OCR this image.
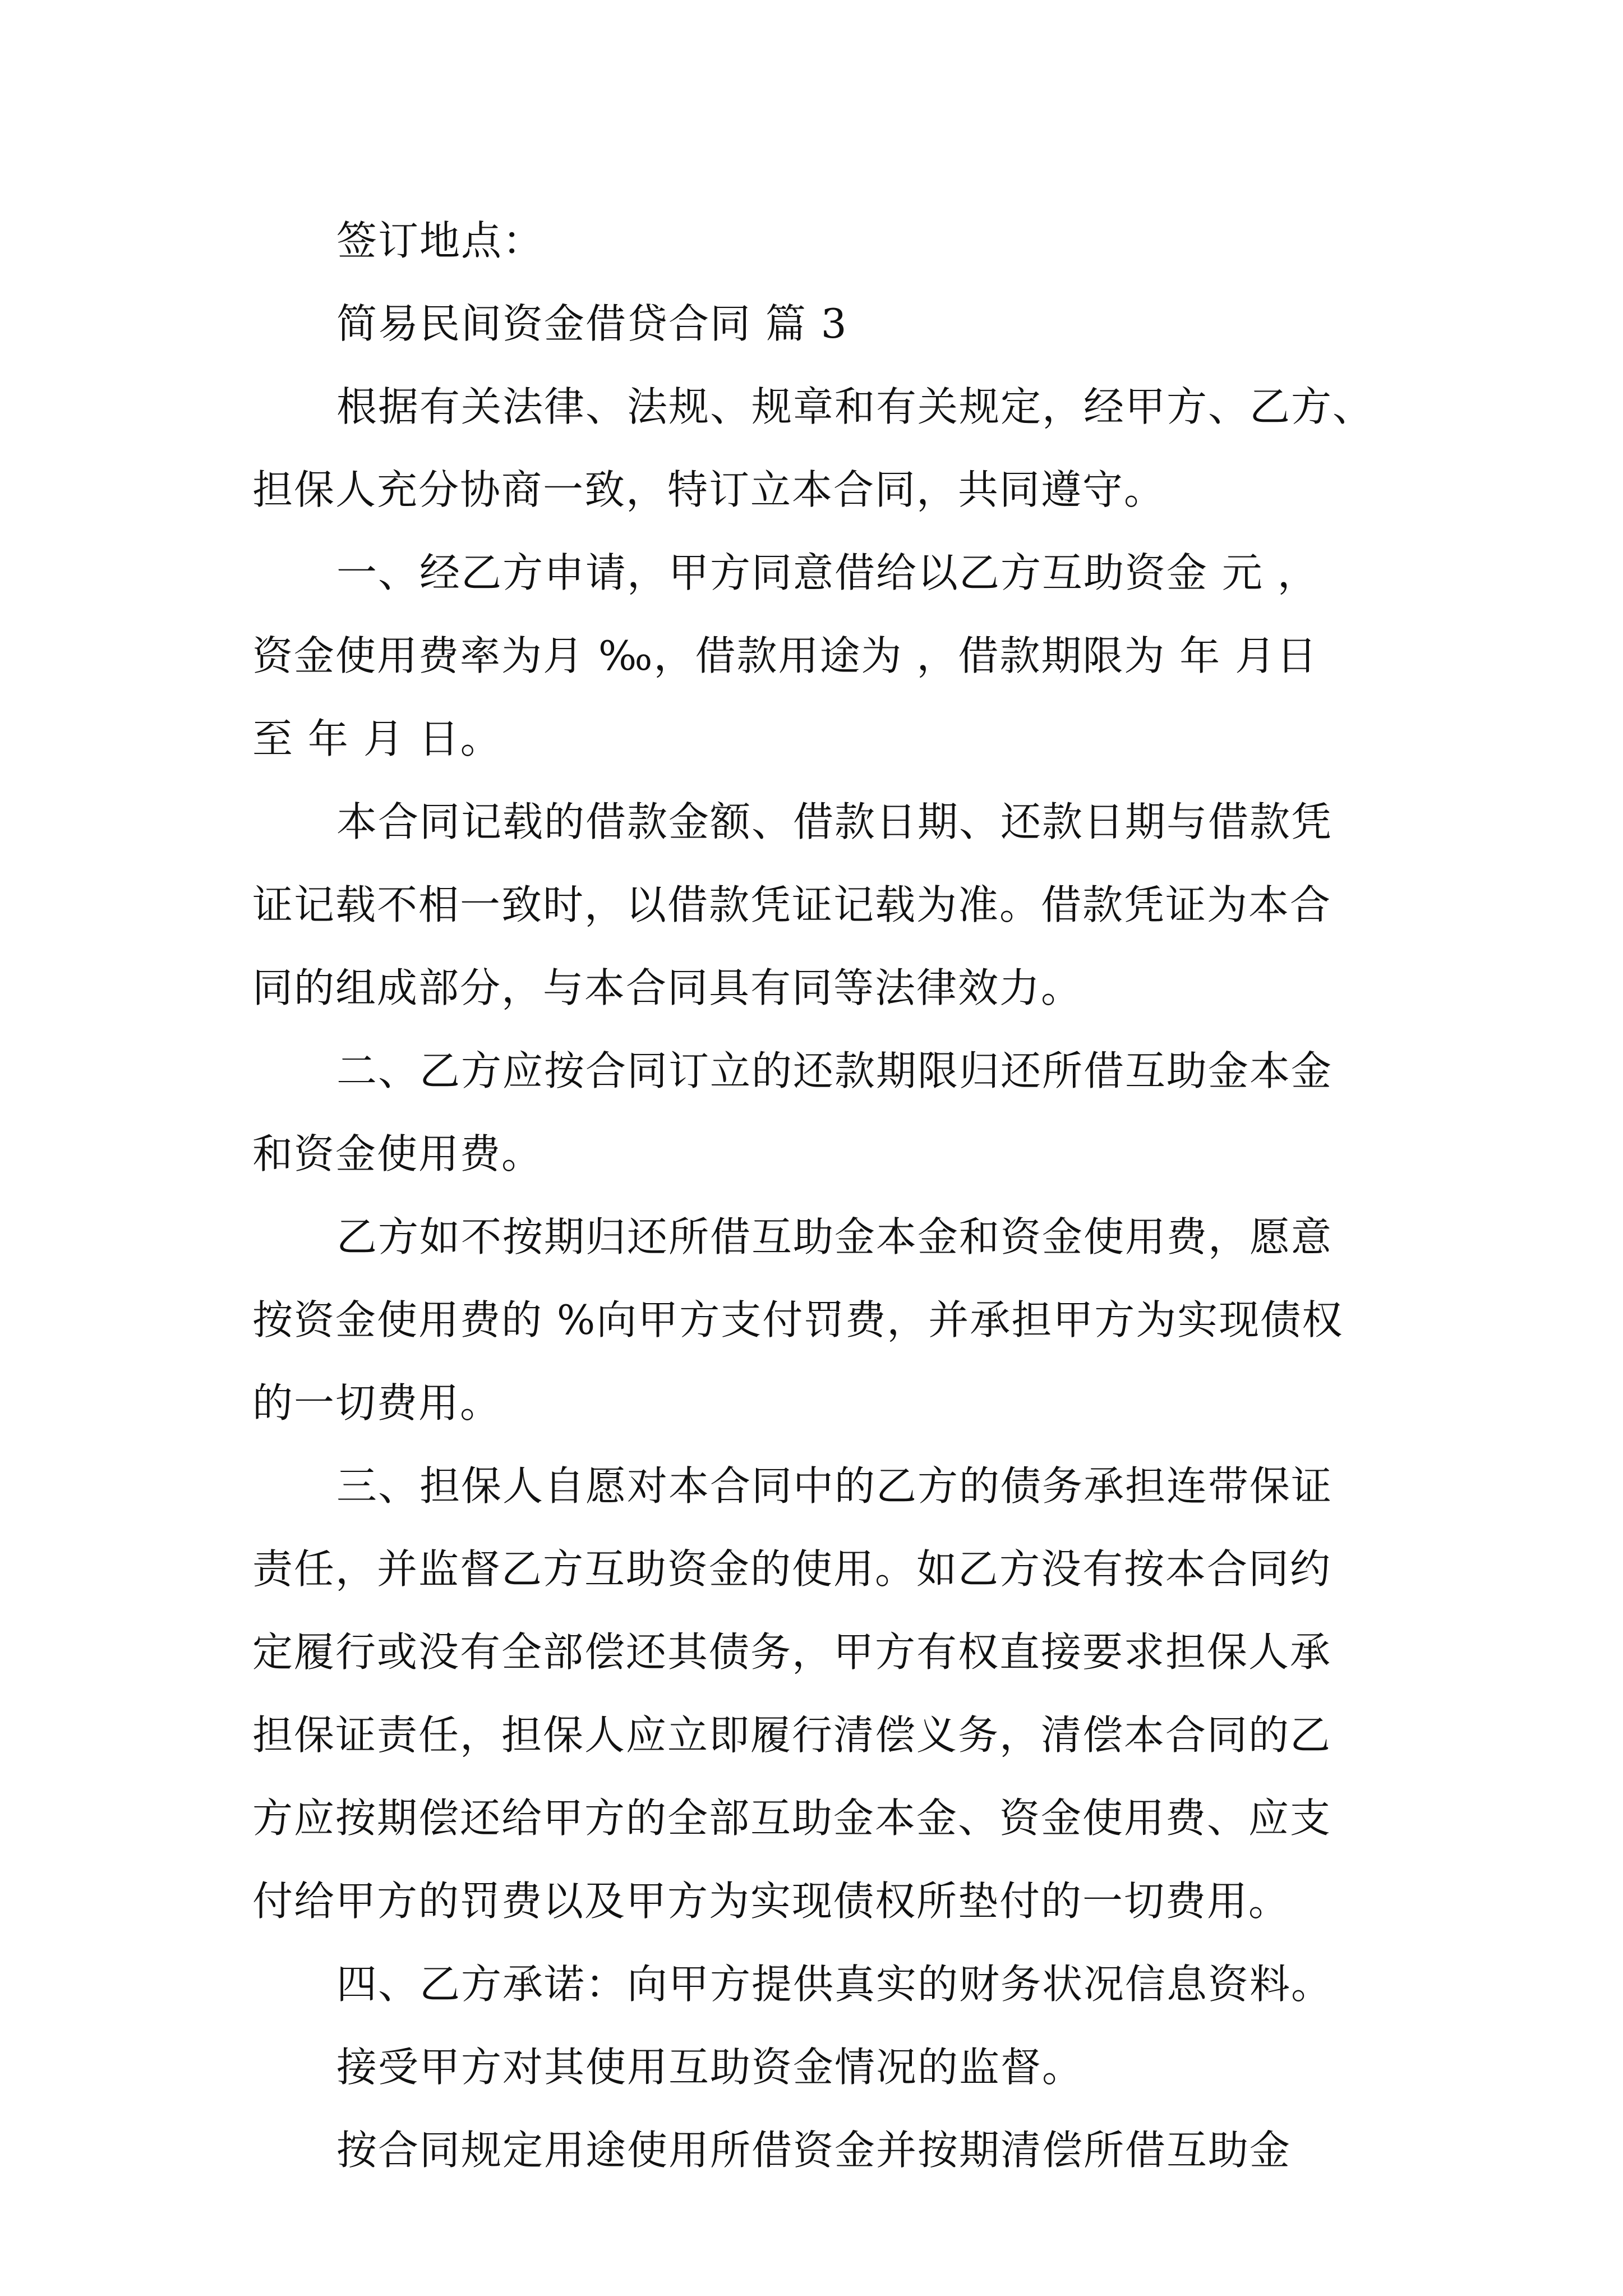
签订地点：
简易民间资金借贷合同 篇 3
根据有关法律、法规、规章和有关规定，经甲方、乙方、
担保人充分协商一致，特订立本合同，共同遵守。
一、经乙方申请，甲方同意借给以乙方互助资金 元 ，
资金使用费率为月 ‰，借款用途为 ，借款期限为 年 月日
至 年 月 日。
本合同记载的借款金额、借款日期、还款日期与借款凭
证记载不相一致时，以借款凭证记载为准。借款凭证为本合
同的组成部分，与本合同具有同等法律效力。
二、乙方应按合同订立的还款期限归还所借互助金本金
和资金使用费。
乙方如不按期归还所借互助金本金和资金使用费，愿意
按资金使用费的 %向甲方支付罚费，并承担甲方为实现债权
的一切费用。
三、担保人自愿对本合同中的乙方的债务承担连带保证
责任，并监督乙方互助资金的使用。如乙方没有按本合同约
定履行或没有全部偿还其债务，甲方有权直接要求担保人承
担保证责任，担保人应立即履行清偿义务，清偿本合同的乙
方应按期偿还给甲方的全部互助金本金、资金使用费、应支
付给甲方的罚费以及甲方为实现债权所垫付的一切费用。
四、乙方承诺：向甲方提供真实的财务状况信息资料。
接受甲方对其使用互助资金情况的监督。
按合同规定用途使用所借资金并按期清偿所借互助金
